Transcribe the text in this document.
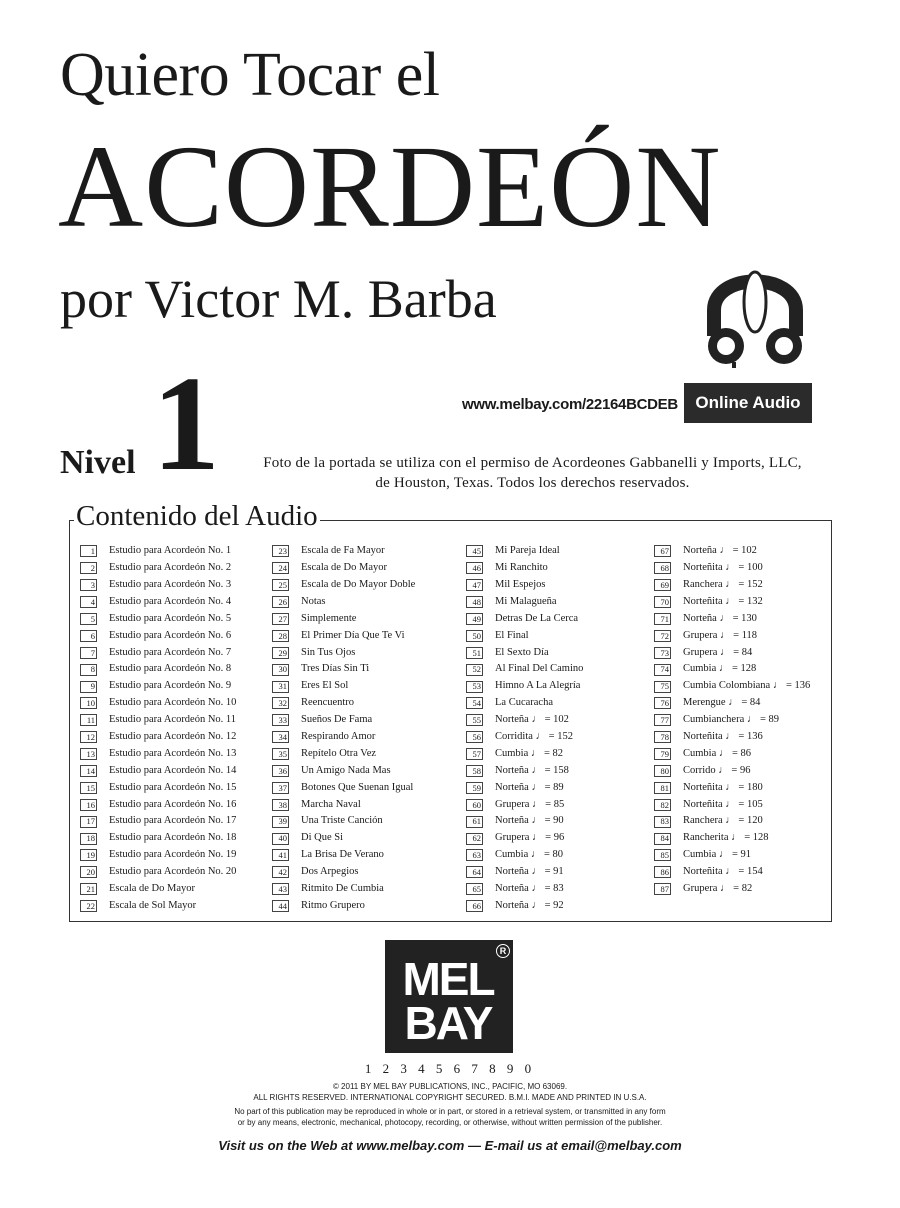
Quiero Tocar el
ACORDEÓN
por Victor M. Barba
www.melbay.com/22164BCDEB	Online Audio
Nivel 1	Foto de la portada se utiliza con el permiso de Acordeones Gabbanelli y Imports, LLC,
de Houston, Texas. Todos los derechos reservados.
Contenido del Audio
1 Estudio para Acordeón No. 1
2 Estudio para Acordeón No. 2
3 Estudio para Acordeón No. 3
4 Estudio para Acordeón No. 4
5 Estudio para Acordeón No. 5
6 Estudio para Acordeón No. 6
7 Estudio para Acordeón No. 7
8 Estudio para Acordeón No. 8
9 Estudio para Acordeón No. 9
10 Estudio para Acordeón No. 10
11 Estudio para Acordeón No. 11
12 Estudio para Acordeón No. 12
13 Estudio para Acordeón No. 13
14 Estudio para Acordeón No. 14
15 Estudio para Acordeón No. 15
16 Estudio para Acordeón No. 16
17 Estudio para Acordeón No. 17
18 Estudio para Acordeón No. 18
19 Estudio para Acordeón No. 19
20 Estudio para Acordeón No. 20
21 Escala de Do Mayor
22 Escala de Sol Mayor
23 Escala de Fa Mayor
24 Escala de Do Mayor
25 Escala de Do Mayor Doble
26 Notas
27 Simplemente
28 El Primer Día Que Te Vi
29 Sin Tus Ojos
30 Tres Días Sin Ti
31 Eres El Sol
32 Reencuentro
33 Sueños De Fama
34 Respirando Amor
35 Repítelo Otra Vez
36 Un Amigo Nada Mas
37 Botones Que Suenan Igual
38 Marcha Naval
39 Una Triste Canción
40 Di Que Si
41 La Brisa De Verano
42 Dos Arpegios
43 Ritmito De Cumbia
44 Ritmo Grupero
45 Mi Pareja Ideal
46 Mi Ranchito
47 Mil Espejos
48 Mi Malagueña
49 Detras De La Cerca
50 El Final
51 El Sexto Día
52 Al Final Del Camino
53 Himno A La Alegría
54 La Cucaracha
55 Norteña ♩ = 102
56 Corridita ♩ = 152
57 Cumbia ♩ = 82
58 Norteña ♩ = 158
59 Norteña ♩ = 89
60 Grupera ♩ = 85
61 Norteña ♩ = 90
62 Grupera ♩ = 96
63 Cumbia ♩ = 80
64 Norteña ♩ = 91
65 Norteña ♩ = 83
66 Norteña ♩ = 92
67 Norteña ♩ = 102
68 Norteñita ♩ = 100
69 Ranchera ♩ = 152
70 Norteñita ♩ = 132
71 Norteña ♩ = 130
72 Grupera ♩ = 118
73 Grupera ♩ = 84
74 Cumbia ♩ = 128
75 Cumbia Colombiana ♩ = 136
76 Merengue ♩ = 84
77 Cumbianchera ♩ = 89
78 Norteñita ♩ = 136
79 Cumbia ♩ = 86
80 Corrido ♩ = 96
81 Norteñita ♩ = 180
82 Norteñita ♩ = 105
83 Ranchera ♩ = 120
84 Rancherita ♩ = 128
85 Cumbia ♩ = 91
86 Norteñita ♩ = 154
87 Grupera ♩ = 82
R
MEL
BAY
1 2 3 4 5 6 7 8 9 0
© 2011 BY MEL BAY PUBLICATIONS, INC., PACIFIC, MO 63069.
ALL RIGHTS RESERVED. INTERNATIONAL COPYRIGHT SECURED. B.M.I. MADE AND PRINTED IN U.S.A.
No part of this publication may be reproduced in whole or in part, or stored in a retrieval system, or transmitted in any form
or by any means, electronic, mechanical, photocopy, recording, or otherwise, without written permission of the publisher.
Visit us on the Web at www.melbay.com — E-mail us at email@melbay.com
